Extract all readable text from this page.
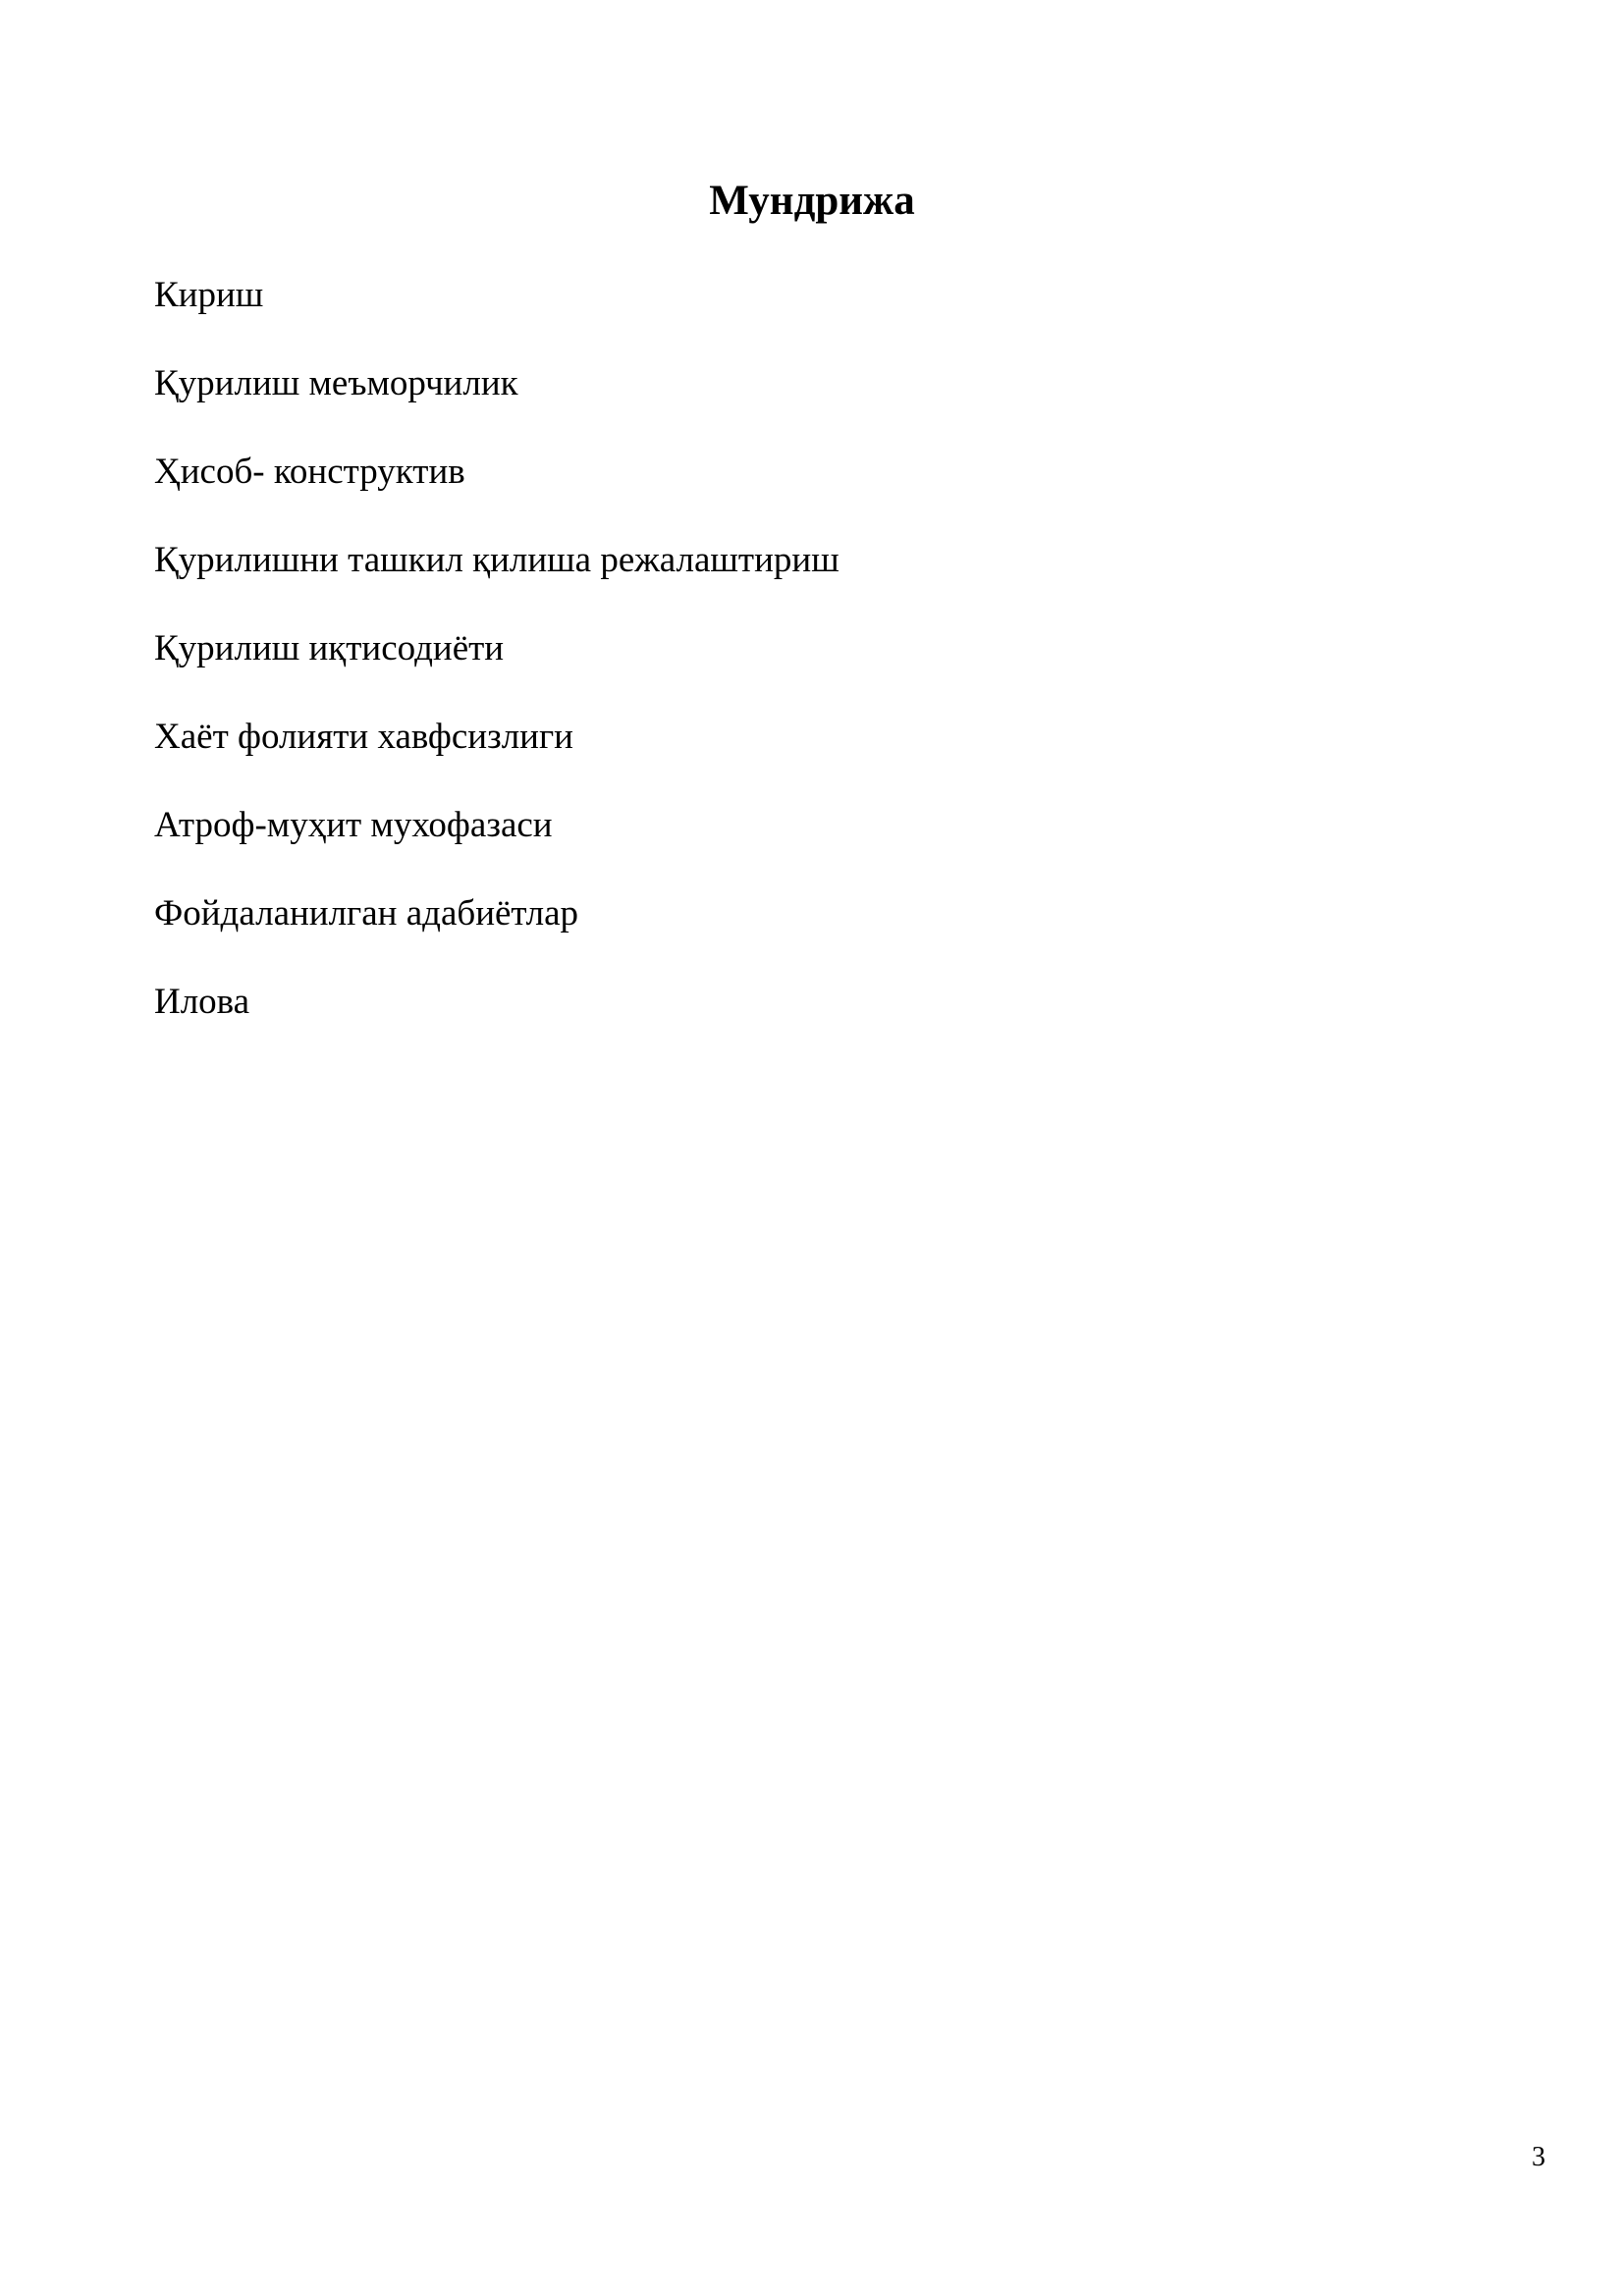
Мундрижа
Кириш
Қурилиш меъморчилик
Ҳисоб- конструктив
Қурилишни ташкил қилиша режалаштириш
Қурилиш иқтисодиёти
Хаёт фолияти хавфсизлиги
Атроф-муҳит мухофазаси
Фойдаланилган адабиётлар
Илова
3
